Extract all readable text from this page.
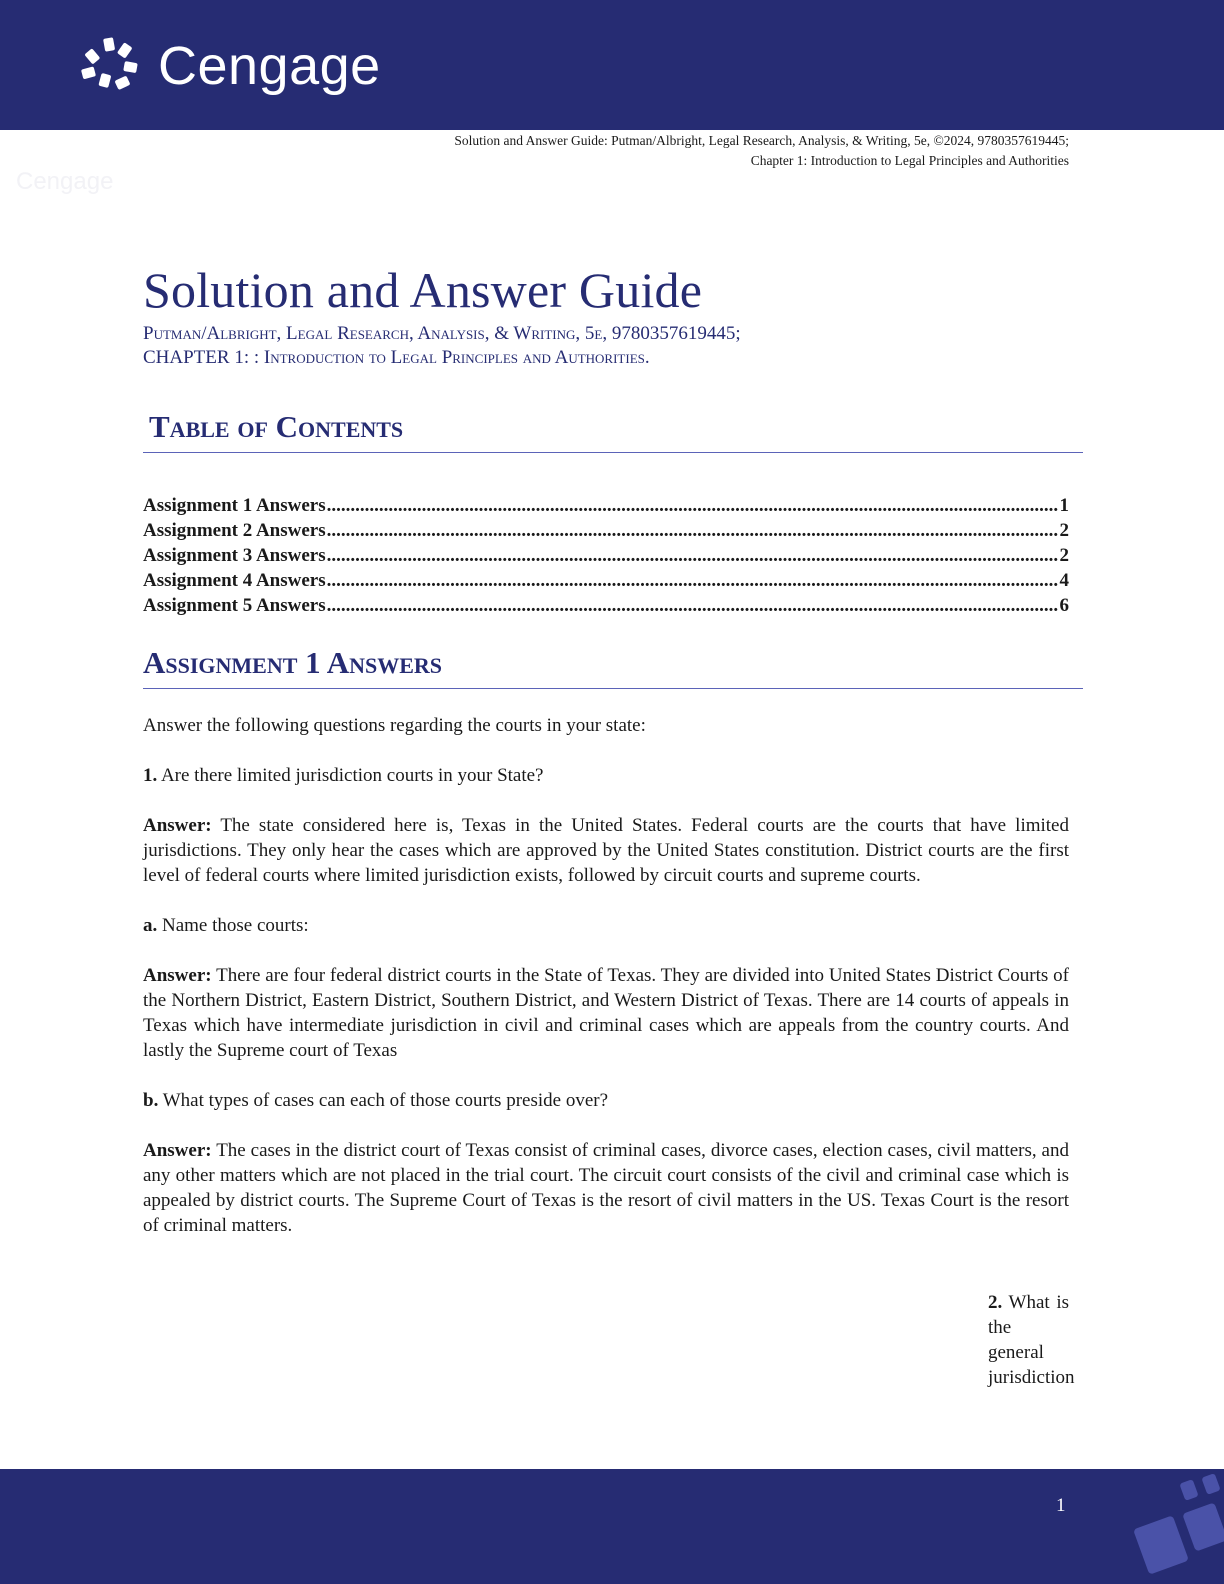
Cengage
Solution and Answer Guide: Putman/Albright, Legal Research, Analysis, & Writing, 5e, ©2024, 9780357619445;
Chapter 1: Introduction to Legal Principles and Authorities
Cengage
Solution and Answer Guide
Putman/Albright, Legal Research, Analysis, & Writing, 5e, 9780357619445;
CHAPTER 1: : Introduction to Legal Principles and Authorities.
Table of Contents
Assignment 1 Answers .....	1
Assignment 2 Answers .....	2
Assignment 3 Answers .....	2
Assignment 4 Answers .....	4
Assignment 5 Answers .....	6
Assignment 1 Answers

Answer the following questions regarding the courts in your state:

1. Are there limited jurisdiction courts in your State?

Answer: The state considered here is, Texas in the United States. Federal courts are the courts that have limited jurisdictions. They only hear the cases which are approved by the United States constitution. District courts are the first level of federal courts where limited jurisdiction exists, followed by circuit courts and supreme courts.

a. Name those courts:

Answer: There are four federal district courts in the State of Texas. They are divided into United States District Courts of the Northern District, Eastern District, Southern District, and Western District of Texas. There are 14 courts of appeals in Texas which have intermediate jurisdiction in civil and criminal cases which are appeals from the country courts. And lastly the Supreme court of Texas

b. What types of cases can each of those courts preside over?

Answer: The cases in the district court of Texas consist of criminal cases, divorce cases, election cases, civil matters, and any other matters which are not placed in the trial court. The circuit court consists of the civil and criminal case which is appealed by district courts. The Supreme Court of Texas is the resort of civil matters in the US. Texas Court is the resort of criminal matters.

2. What is the general jurisdiction

1
